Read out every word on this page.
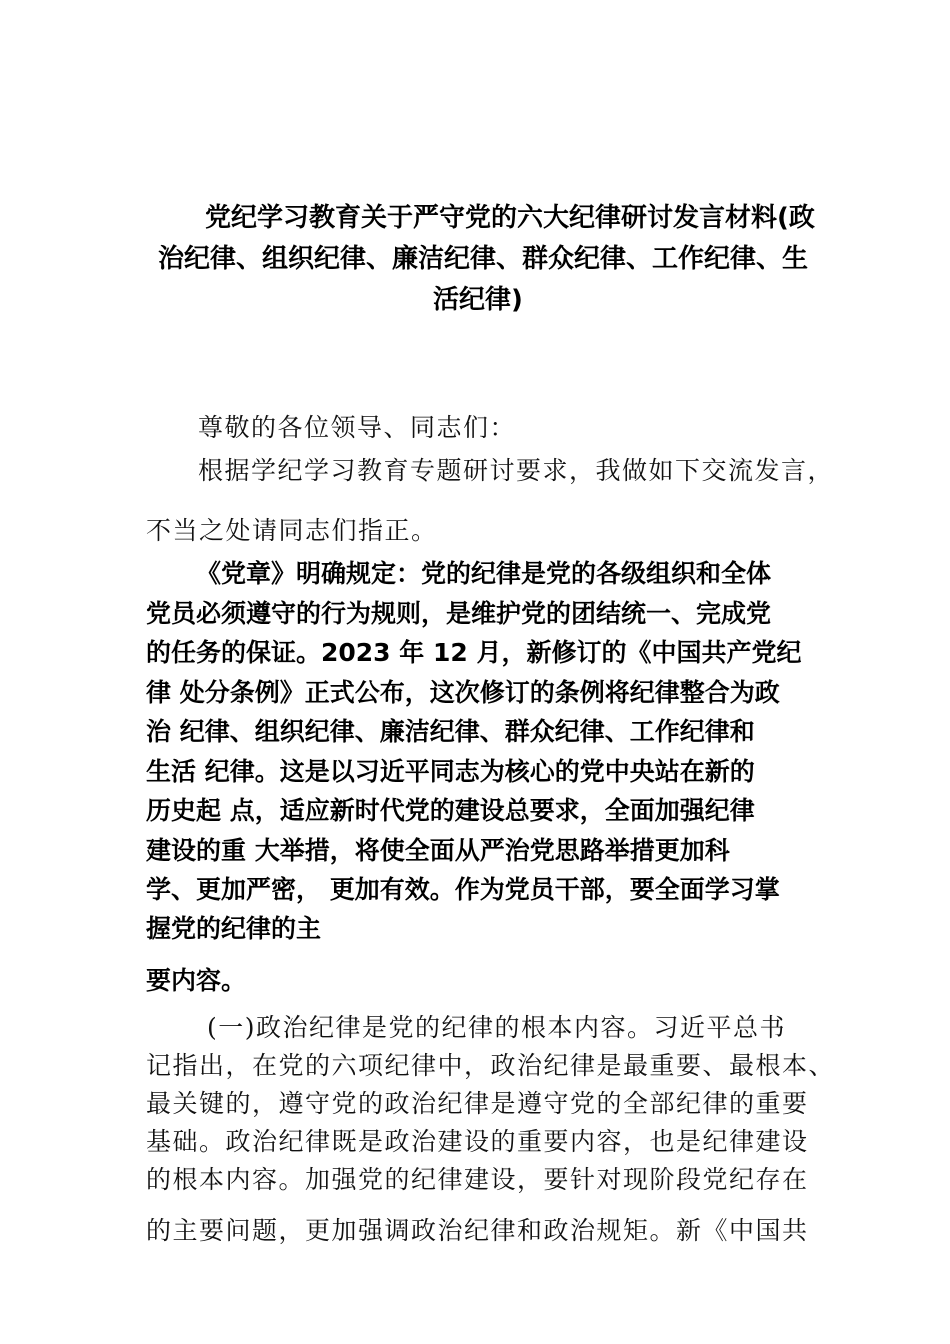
党纪学习教育关于严守党的六大纪律研讨发言材料(政
治纪律、组织纪律、廉洁纪律、群众纪律、工作纪律、生
活纪律)
尊敬的各位领导、同志们：
根据学纪学习教育专题研讨要求，我做如下交流发言，
不当之处请同志们指正。
《党章》明确规定：党的纪律是党的各级组织和全体
党员必须遵守的行为规则，是维护党的团结统一、完成党
的任务的保证。2023 年 12 月，新修订的《中国共产党纪
律 处分条例》正式公布，这次修订的条例将纪律整合为政
治 纪律、组织纪律、廉洁纪律、群众纪律、工作纪律和
生活 纪律。这是以习近平同志为核心的党中央站在新的
历史起 点，适应新时代党的建设总要求，全面加强纪律
建设的重 大举措，将使全面从严治党思路举措更加科
学、更加严密， 更加有效。作为党员干部，要全面学习掌
握党的纪律的主
要内容。
(一)政治纪律是党的纪律的根本内容。习近平总书
记指出，在党的六项纪律中，政治纪律是最重要、最根本、
最关键的，遵守党的政治纪律是遵守党的全部纪律的重要
基础。政治纪律既是政治建设的重要内容，也是纪律建设
的根本内容。加强党的纪律建设，要针对现阶段党纪存在
的主要问题，更加强调政治纪律和政治规矩。新《中国共
